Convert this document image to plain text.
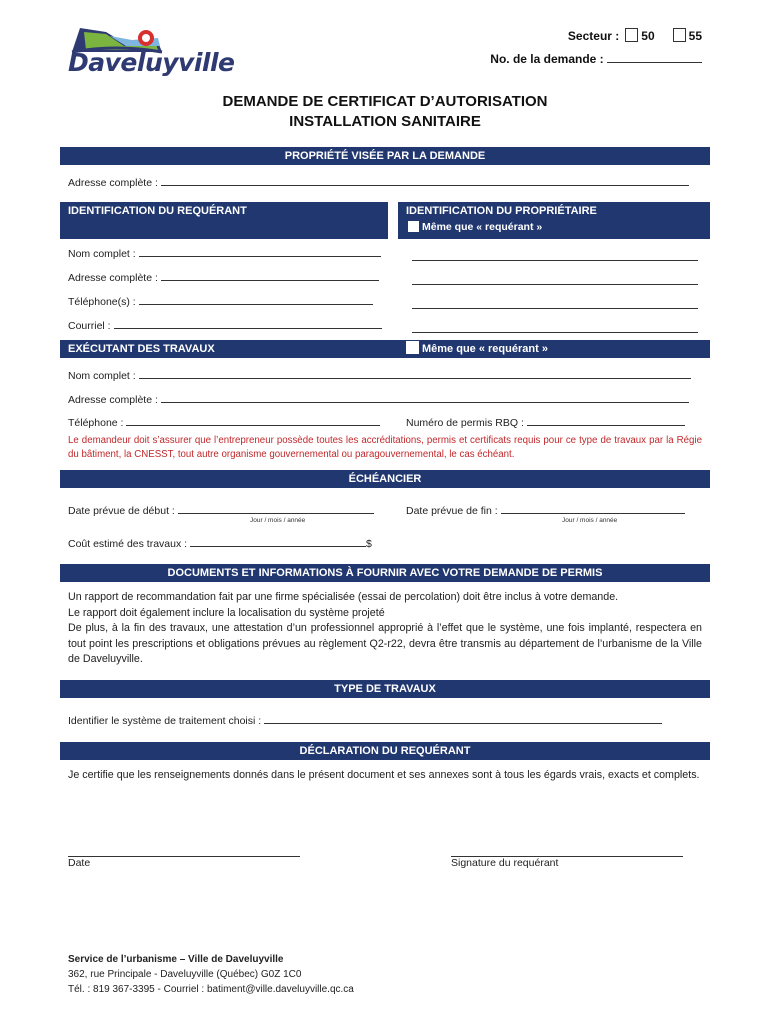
Daveluyville
Secteur : 50	55
No. de la demande :
DEMANDE DE CERTIFICAT D’AUTORISATION
INSTALLATION SANITAIRE
PROPRIÉTÉ VISÉE PAR LA DEMANDE
Adresse complète :
IDENTIFICATION DU REQUÉRANT	IDENTIFICATION DU PROPRIÉTAIRE
Même que « requérant »
Nom complet :
Adresse complète :
Téléphone(s) :
Courriel :
EXÉCUTANT DES TRAVAUX	Même que « requérant »
Nom complet :
Adresse complète :
Téléphone :	Numéro de permis RBQ :
Le demandeur doit s’assurer que l’entrepreneur possède toutes les accréditations, permis et certificats requis pour ce type de travaux par la Régie du bâtiment, la CNESST, tout autre organisme gouvernemental ou paragouvernemental, le cas échéant.
ÉCHÉANCIER
Date prévue de début :
Jour / mois / année
Date prévue de fin :
Jour / mois / année
Coût estimé des travaux :	$
DOCUMENTS ET INFORMATIONS À FOURNIR AVEC VOTRE DEMANDE DE PERMIS
Un rapport de recommandation fait par une firme spécialisée (essai de percolation) doit être inclus à votre demande.
Le rapport doit également inclure la localisation du système projeté
De plus, à la fin des travaux, une attestation d’un professionnel approprié à l’effet que le système, une fois implanté, respectera en tout point les prescriptions et obligations prévues au règlement Q2-r22, devra être transmis au département de l’urbanisme de la Ville de Daveluyville.
TYPE DE TRAVAUX
Identifier le système de traitement choisi :
DÉCLARATION DU REQUÉRANT
Je certifie que les renseignements donnés dans le présent document et ses annexes sont à tous les égards vrais, exacts et complets.
Date	Signature du requérant
Service de l’urbanisme – Ville de Daveluyville
362, rue Principale - Daveluyville (Québec) G0Z 1C0
Tél. : 819 367-3395 - Courriel : batiment@ville.daveluyville.qc.ca
